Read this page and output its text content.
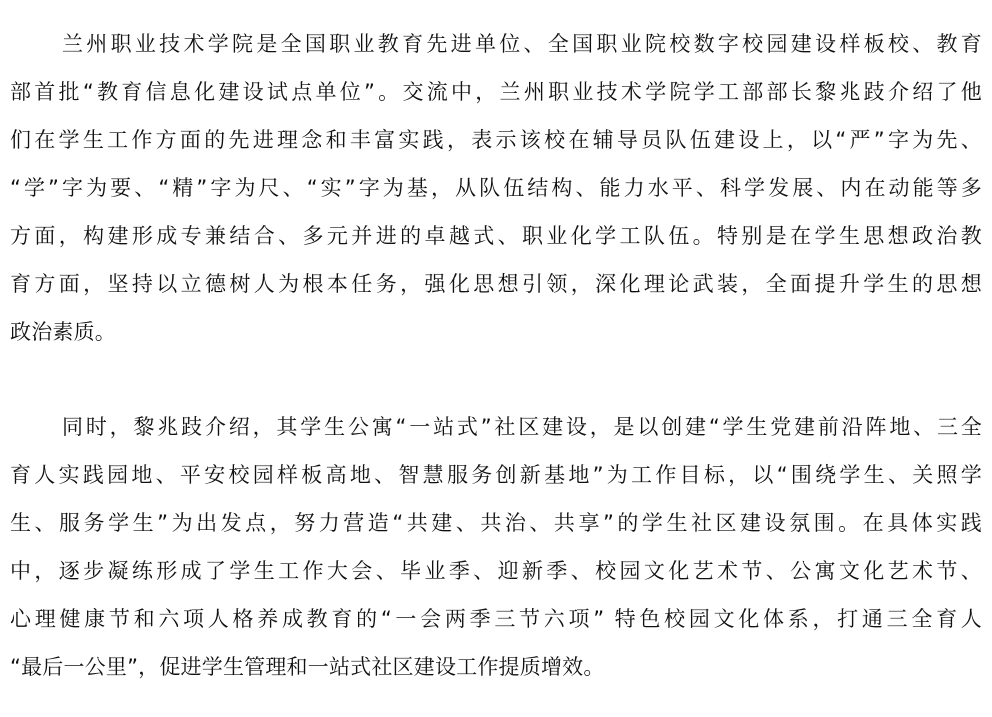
兰州职业技术学院是全国职业教育先进单位、全国职业院校数字校园建设样板校、教育
部首批“教育信息化建设试点单位”。交流中，兰州职业技术学院学工部部长黎兆跂介绍了他
们在学生工作方面的先进理念和丰富实践，表示该校在辅导员队伍建设上，以“严”字为先、
“学”字为要、“精”字为尺、“实”字为基，从队伍结构、能力水平、科学发展、内在动能等多
方面，构建形成专兼结合、多元并进的卓越式、职业化学工队伍。特别是在学生思想政治教
育方面，坚持以立德树人为根本任务，强化思想引领，深化理论武装，全面提升学生的思想
政治素质。
同时，黎兆跂介绍，其学生公寓“一站式”社区建设，是以创建“学生党建前沿阵地、三全
育人实践园地、平安校园样板高地、智慧服务创新基地”为工作目标，以“围绕学生、关照学
生、服务学生”为出发点，努力营造“共建、共治、共享”的学生社区建设氛围。在具体实践
中，逐步凝练形成了学生工作大会、毕业季、迎新季、校园文化艺术节、公寓文化艺术节、
心理健康节和六项人格养成教育的“一会两季三节六项” 特色校园文化体系，打通三全育人
“最后一公里”，促进学生管理和一站式社区建设工作提质增效。
